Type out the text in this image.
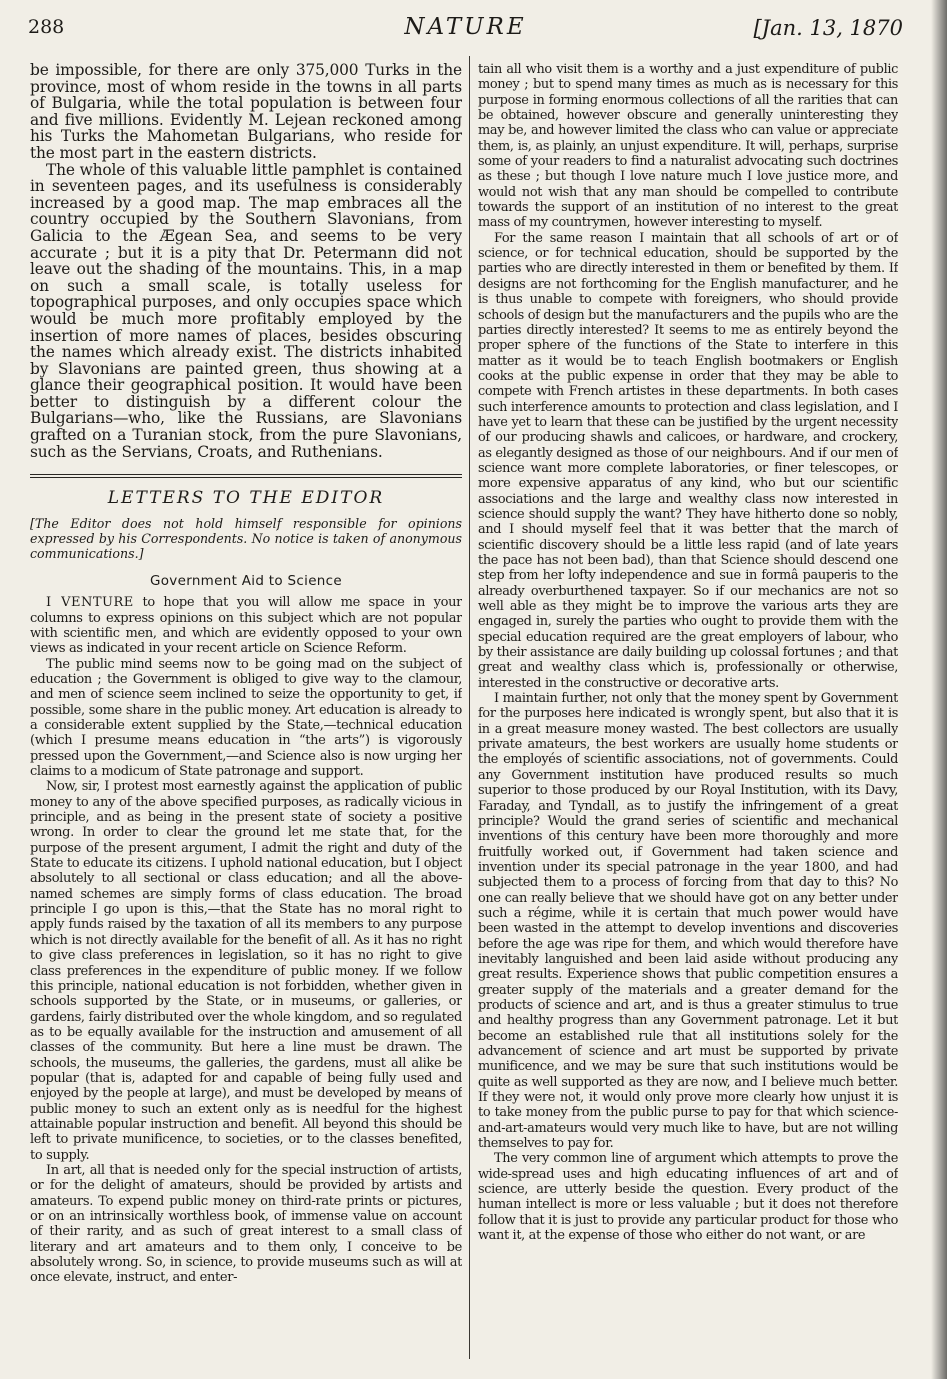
288	NATURE	[Jan. 13, 1870

be impossible, for there are only 375,000 Turks in the province, most of whom reside in the towns in all parts of Bulgaria, while the total population is between four and five millions. Evidently M. Lejean reckoned among his Turks the Mahometan Bulgarians, who reside for the most part in the eastern districts.

The whole of this valuable little pamphlet is contained in seventeen pages, and its usefulness is considerably increased by a good map. The map embraces all the country occupied by the Southern Slavonians, from Galicia to the Ægean Sea, and seems to be very accurate ; but it is a pity that Dr. Petermann did not leave out the shading of the mountains. This, in a map on such a small scale, is totally useless for topographical purposes, and only occupies space which would be much more profitably employed by the insertion of more names of places, besides obscuring the names which already exist. The districts inhabited by Slavonians are painted green, thus showing at a glance their geographical position. It would have been better to distinguish by a different colour the Bulgarians—who, like the Russians, are Slavonians grafted on a Turanian stock, from the pure Slavonians, such as the Servians, Croats, and Ruthenians.

LETTERS TO THE EDITOR
[The Editor does not hold himself responsible for opinions expressed by his Correspondents. No notice is taken of anonymous communications.]
Government Aid to Science

I VENTURE to hope that you will allow me space in your columns to express opinions on this subject which are not popular with scientific men, and which are evidently opposed to your own views as indicated in your recent article on Science Reform.

The public mind seems now to be going mad on the subject of education ; the Government is obliged to give way to the clamour, and men of science seem inclined to seize the opportunity to get, if possible, some share in the public money. Art education is already to a considerable extent supplied by the State,—technical education (which I presume means education in “the arts”) is vigorously pressed upon the Government,—and Science also is now urging her claims to a modicum of State patronage and support.

Now, sir, I protest most earnestly against the application of public money to any of the above specified purposes, as radically vicious in principle, and as being in the present state of society a positive wrong. In order to clear the ground let me state that, for the purpose of the present argument, I admit the right and duty of the State to educate its citizens. I uphold national education, but I object absolutely to all sectional or class education; and all the above-named schemes are simply forms of class education. The broad principle I go upon is this,—that the State has no moral right to apply funds raised by the taxation of all its members to any purpose which is not directly available for the benefit of all. As it has no right to give class preferences in legislation, so it has no right to give class preferences in the expenditure of public money. If we follow this principle, national education is not forbidden, whether given in schools supported by the State, or in museums, or galleries, or gardens, fairly distributed over the whole kingdom, and so regulated as to be equally available for the instruction and amusement of all classes of the community. But here a line must be drawn. The schools, the museums, the galleries, the gardens, must all alike be popular (that is, adapted for and capable of being fully used and enjoyed by the people at large), and must be developed by means of public money to such an extent only as is needful for the highest attainable popular instruction and benefit. All beyond this should be left to private munificence, to societies, or to the classes benefited, to supply.

In art, all that is needed only for the special instruction of artists, or for the delight of amateurs, should be provided by artists and amateurs. To expend public money on third-rate prints or pictures, or on an intrinsically worthless book, of immense value on account of their rarity, and as such of great interest to a small class of literary and art amateurs and to them only, I conceive to be absolutely wrong. So, in science, to provide museums such as will at once elevate, instruct, and enter-

tain all who visit them is a worthy and a just expenditure of public money ; but to spend many times as much as is necessary for this purpose in forming enormous collections of all the rarities that can be obtained, however obscure and generally uninteresting they may be, and however limited the class who can value or appreciate them, is, as plainly, an unjust expenditure. It will, perhaps, surprise some of your readers to find a naturalist advocating such doctrines as these ; but though I love nature much I love justice more, and would not wish that any man should be compelled to contribute towards the support of an institution of no interest to the great mass of my countrymen, however interesting to myself.

For the same reason I maintain that all schools of art or of science, or for technical education, should be supported by the parties who are directly interested in them or benefited by them. If designs are not forthcoming for the English manufacturer, and he is thus unable to compete with foreigners, who should provide schools of design but the manufacturers and the pupils who are the parties directly interested? It seems to me as entirely beyond the proper sphere of the functions of the State to interfere in this matter as it would be to teach English bootmakers or English cooks at the public expense in order that they may be able to compete with French artistes in these departments. In both cases such interference amounts to protection and class legislation, and I have yet to learn that these can be justified by the urgent necessity of our producing shawls and calicoes, or hardware, and crockery, as elegantly designed as those of our neighbours. And if our men of science want more complete laboratories, or finer telescopes, or more expensive apparatus of any kind, who but our scientific associations and the large and wealthy class now interested in science should supply the want? They have hitherto done so nobly, and I should myself feel that it was better that the march of scientific discovery should be a little less rapid (and of late years the pace has not been bad), than that Science should descend one step from her lofty independence and sue in formâ pauperis to the already overburthened taxpayer. So if our mechanics are not so well able as they might be to improve the various arts they are engaged in, surely the parties who ought to provide them with the special education required are the great employers of labour, who by their assistance are daily building up colossal fortunes ; and that great and wealthy class which is, professionally or otherwise, interested in the constructive or decorative arts.

I maintain further, not only that the money spent by Government for the purposes here indicated is wrongly spent, but also that it is in a great measure money wasted. The best collectors are usually private amateurs, the best workers are usually home students or the employés of scientific associations, not of governments. Could any Government institution have produced results so much superior to those produced by our Royal Institution, with its Davy, Faraday, and Tyndall, as to justify the infringement of a great principle? Would the grand series of scientific and mechanical inventions of this century have been more thoroughly and more fruitfully worked out, if Government had taken science and invention under its special patronage in the year 1800, and had subjected them to a process of forcing from that day to this? No one can really believe that we should have got on any better under such a régime, while it is certain that much power would have been wasted in the attempt to develop inventions and discoveries before the age was ripe for them, and which would therefore have inevitably languished and been laid aside without producing any great results. Experience shows that public competition ensures a greater supply of the materials and a greater demand for the products of science and art, and is thus a greater stimulus to true and healthy progress than any Government patronage. Let it but become an established rule that all institutions solely for the advancement of science and art must be supported by private munificence, and we may be sure that such institutions would be quite as well supported as they are now, and I believe much better. If they were not, it would only prove more clearly how unjust it is to take money from the public purse to pay for that which science-and-art-amateurs would very much like to have, but are not willing themselves to pay for.

The very common line of argument which attempts to prove the wide-spread uses and high educating influences of art and of science, are utterly beside the question. Every product of the human intellect is more or less valuable ; but it does not therefore follow that it is just to provide any particular product for those who want it, at the expense of those who either do not want, or are
